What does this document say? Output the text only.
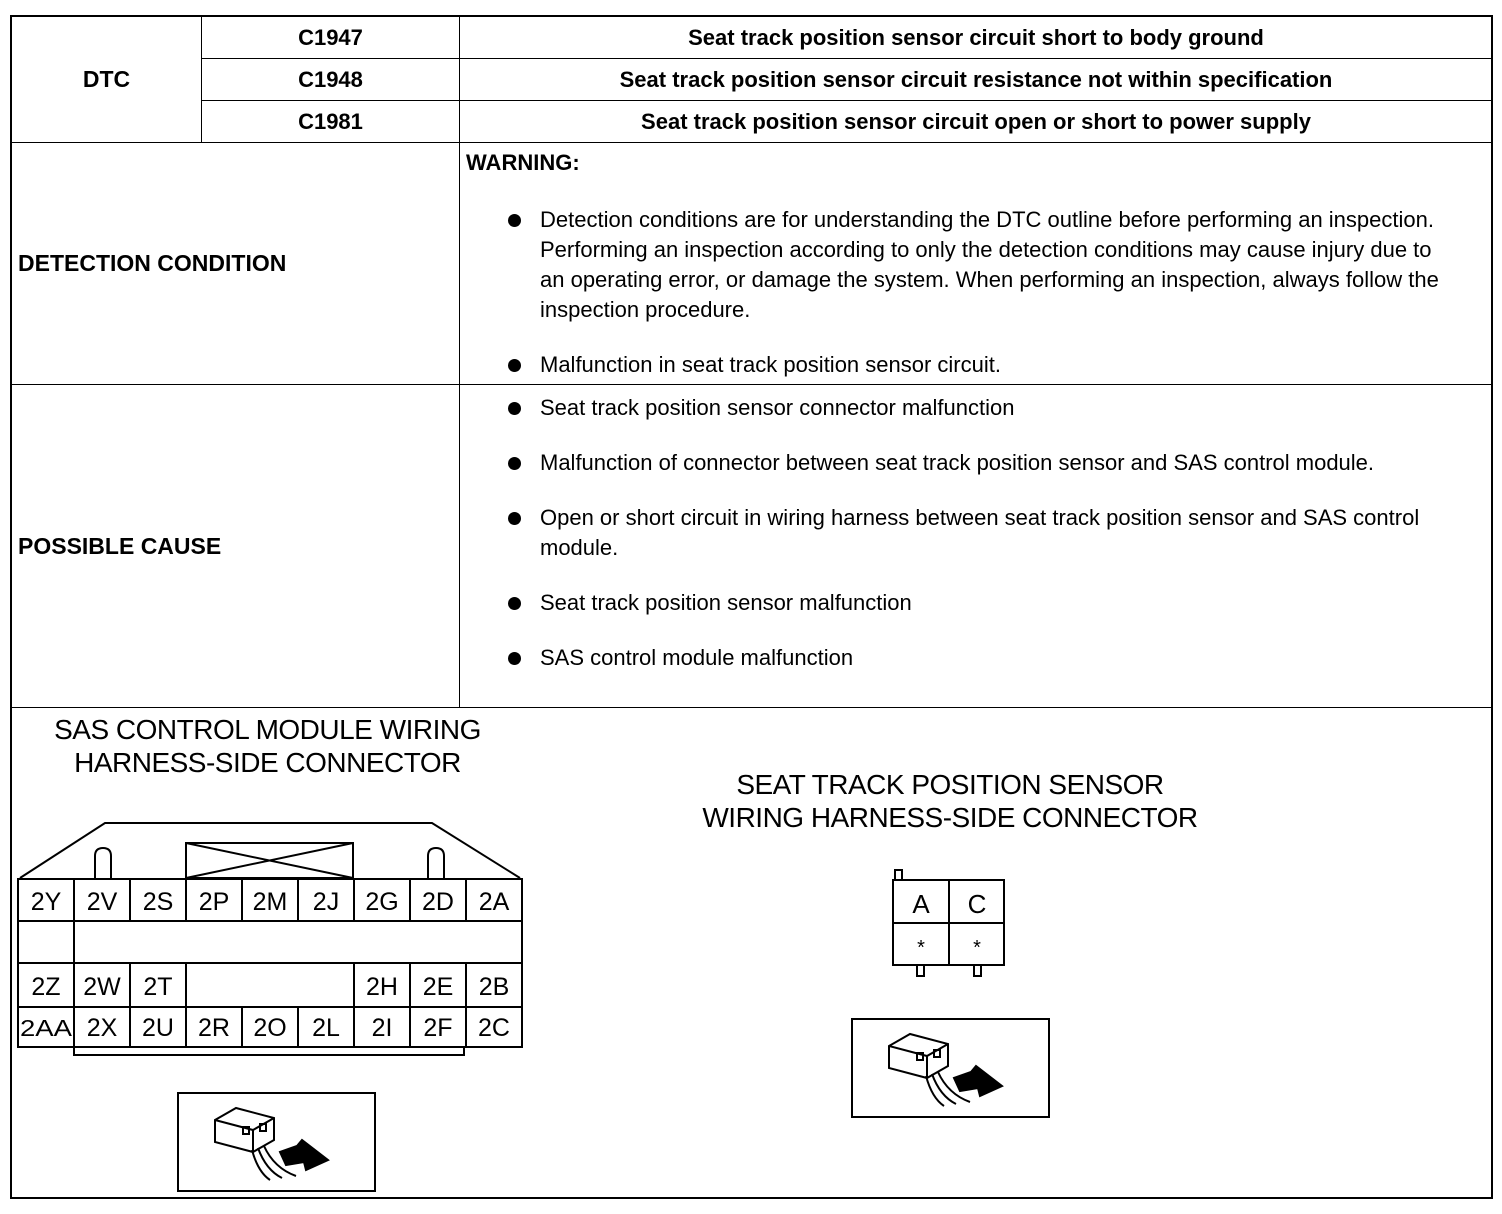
DTC
C1947	Seat track position sensor circuit short to body ground
C1948	Seat track position sensor circuit resistance not within specification
C1981	Seat track position sensor circuit open or short to power supply
DETECTION CONDITION
WARNING:
Detection conditions are for understanding the DTC outline before performing an inspection. Performing an inspection according to only the detection conditions may cause injury due to an operating error, or damage the system. When performing an inspection, always follow the inspection procedure.
Malfunction in seat track position sensor circuit.
POSSIBLE CAUSE
Seat track position sensor connector malfunction
Malfunction of connector between seat track position sensor and SAS control module.
Open or short circuit in wiring harness between seat track position sensor and SAS control module.
Seat track position sensor malfunction
SAS control module malfunction
SAS CONTROL MODULE WIRING
HARNESS-SIDE CONNECTOR
SEAT TRACK POSITION SENSOR
WIRING HARNESS-SIDE CONNECTOR
2Y 2V 2S 2P 2M 2J 2G 2D 2A
2Z 2W 2T	2H 2E 2B
2AA 2X 2U 2R 2O 2L 2I 2F 2C
A C
* *
